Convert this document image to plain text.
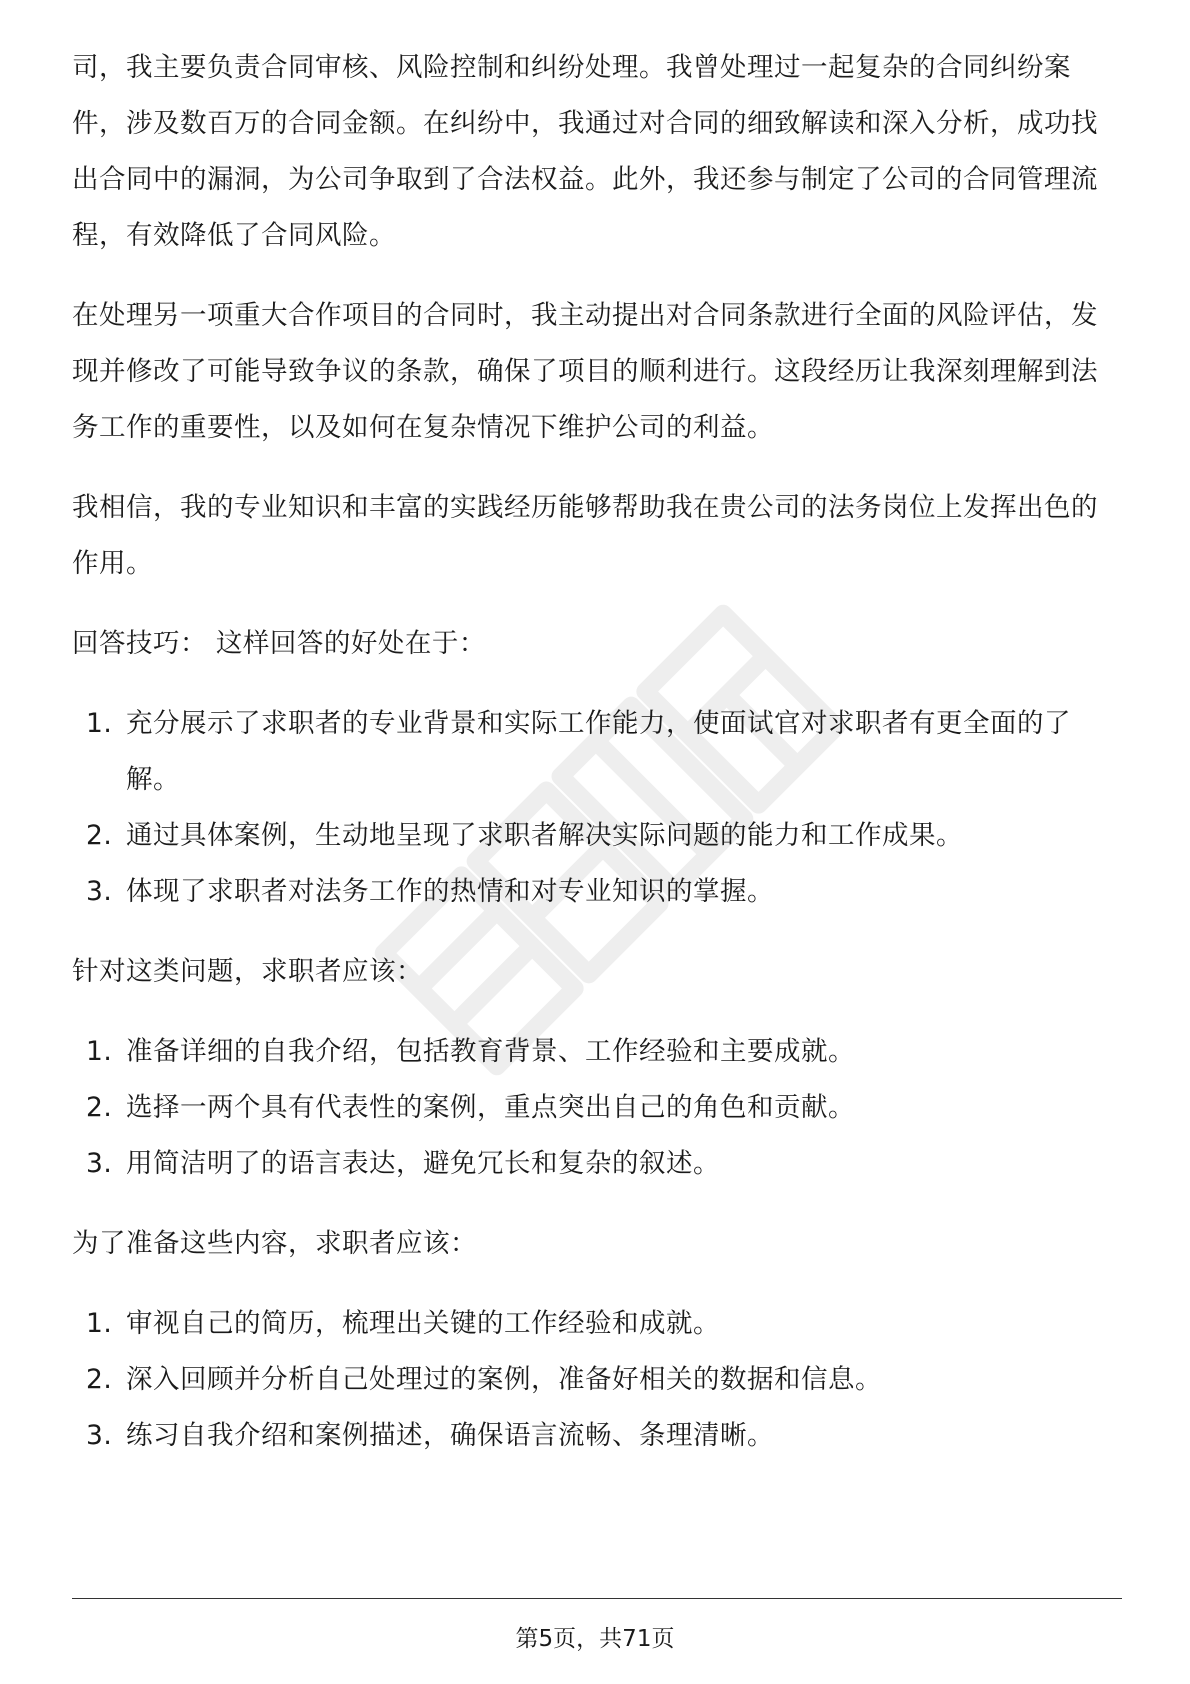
司，我主要负责合同审核、风险控制和纠纷处理。我曾处理过一起复杂的合同纠纷案件，涉及数百万的合同金额。在纠纷中，我通过对合同的细致解读和深入分析，成功找出合同中的漏洞，为公司争取到了合法权益。此外，我还参与制定了公司的合同管理流程，有效降低了合同风险。

在处理另一项重大合作项目的合同时，我主动提出对合同条款进行全面的风险评估，发现并修改了可能导致争议的条款，确保了项目的顺利进行。这段经历让我深刻理解到法务工作的重要性，以及如何在复杂情况下维护公司的利益。

我相信，我的专业知识和丰富的实践经历能够帮助我在贵公司的法务岗位上发挥出色的作用。

回答技巧： 这样回答的好处在于：

1. 充分展示了求职者的专业背景和实际工作能力，使面试官对求职者有更全面的了解。
2. 通过具体案例，生动地呈现了求职者解决实际问题的能力和工作成果。
3. 体现了求职者对法务工作的热情和对专业知识的掌握。

针对这类问题，求职者应该：

1. 准备详细的自我介绍，包括教育背景、工作经验和主要成就。
2. 选择一两个具有代表性的案例，重点突出自己的角色和贡献。
3. 用简洁明了的语言表达，避免冗长和复杂的叙述。

为了准备这些内容，求职者应该：

1. 审视自己的简历，梳理出关键的工作经验和成就。
2. 深入回顾并分析自己处理过的案例，准备好相关的数据和信息。
3. 练习自我介绍和案例描述，确保语言流畅、条理清晰。
第5页，共71页
